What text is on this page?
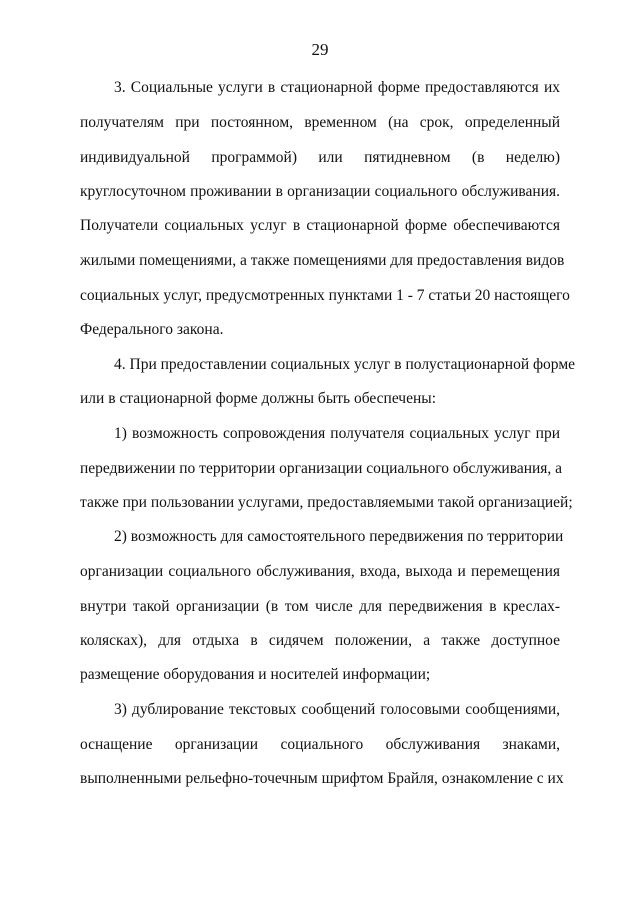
29
3. Социальные услуги в стационарной форме предоставляются их
получателям при постоянном, временном (на срок, определенный
индивидуальной программой) или пятидневном (в неделю)
круглосуточном проживании в организации социального обслуживания.
Получатели социальных услуг в стационарной форме обеспечиваются
жилыми помещениями, а также помещениями для предоставления видов
социальных услуг, предусмотренных пунктами 1 - 7 статьи 20 настоящего
Федерального закона.
4. При предоставлении социальных услуг в полустационарной форме
или в стационарной форме должны быть обеспечены:
1) возможность сопровождения получателя социальных услуг при
передвижении по территории организации социального обслуживания, а
также при пользовании услугами, предоставляемыми такой организацией;
2) возможность для самостоятельного передвижения по территории
организации социального обслуживания, входа, выхода и перемещения
внутри такой организации (в том числе для передвижения в креслах-
колясках), для отдыха в сидячем положении, а также доступное
размещение оборудования и носителей информации;
3) дублирование текстовых сообщений голосовыми сообщениями,
оснащение организации социального обслуживания знаками,
выполненными рельефно-точечным шрифтом Брайля, ознакомление с их
